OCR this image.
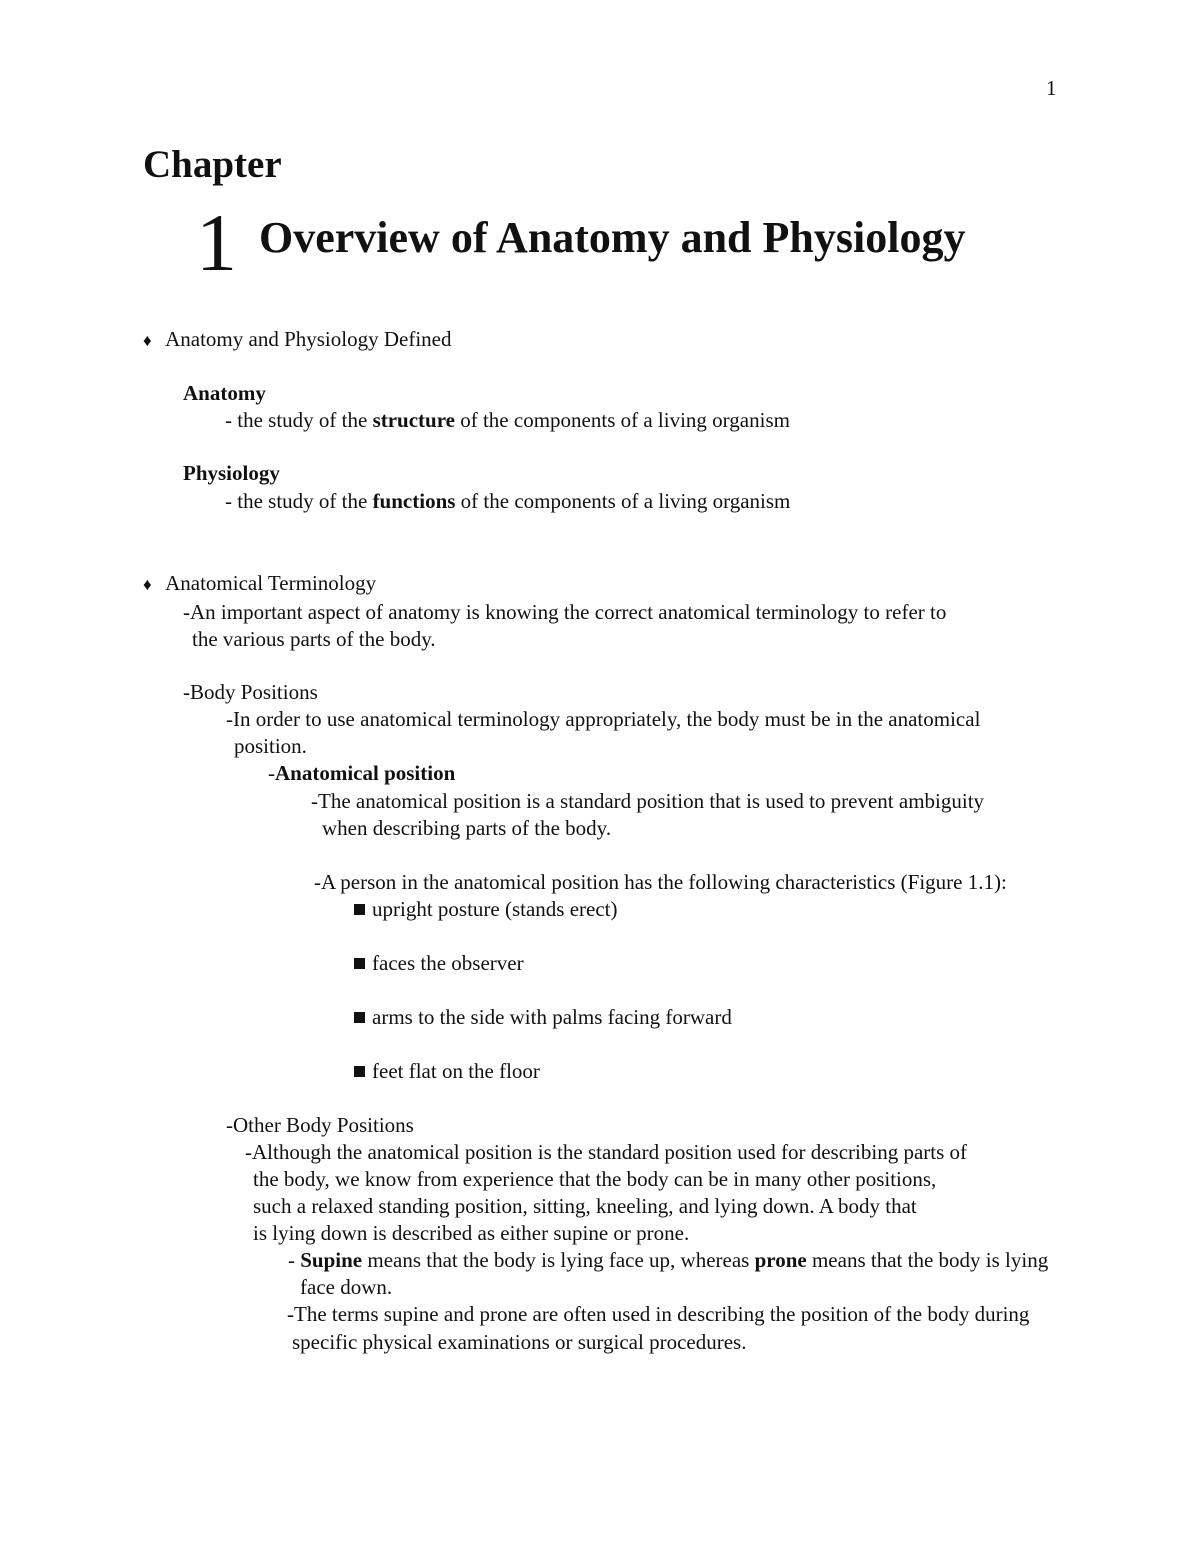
1
Chapter
1 Overview of Anatomy and Physiology
♦ Anatomy and Physiology Defined
Anatomy
- the study of the structure of the components of a living organism
Physiology
- the study of the functions of the components of a living organism
♦ Anatomical Terminology
-An important aspect of anatomy is knowing the correct anatomical terminology to refer to
the various parts of the body.
-Body Positions
-In order to use anatomical terminology appropriately, the body must be in the anatomical
position.
-Anatomical position
-The anatomical position is a standard position that is used to prevent ambiguity
when describing parts of the body.
-A person in the anatomical position has the following characteristics (Figure 1.1):
upright posture (stands erect)
faces the observer
arms to the side with palms facing forward
feet flat on the floor
-Other Body Positions
-Although the anatomical position is the standard position used for describing parts of
the body, we know from experience that the body can be in many other positions,
such a relaxed standing position, sitting, kneeling, and lying down. A body that
is lying down is described as either supine or prone.
- Supine means that the body is lying face up, whereas prone means that the body is lying
face down.
-The terms supine and prone are often used in describing the position of the body during
specific physical examinations or surgical procedures.
